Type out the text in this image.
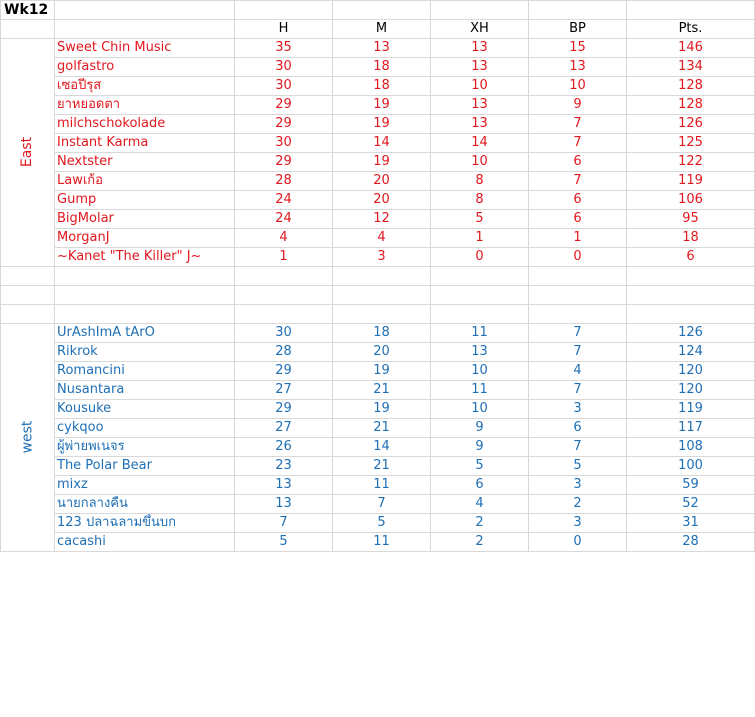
Wk12						
		H	M	XH	BP	Pts.
East	Sweet Chin Music	35	13	13	15	146
	golfastro	30	18	13	13	134
	เซอปีรุส	30	18	10	10	128
	ยาหยอดตา	29	19	13	9	128
	milchschokolade	29	19	13	7	126
	Instant Karma	30	14	14	7	125
	Nextster	29	19	10	6	122
	Lawเก้อ	28	20	8	7	119
	Gump	24	20	8	6	106
	BigMolar	24	12	5	6	95
	MorganJ	4	4	1	1	18
	~Kanet "The Killer" J~	1	3	0	0	6

west	UrAshImA tArO	30	18	11	7	126
	Rikrok	28	20	13	7	124
	Romancini	29	19	10	4	120
	Nusantara	27	21	11	7	120
	Kousuke	29	19	10	3	119
	cykqoo	27	21	9	6	117
	ผู้พ่ายพเนจร	26	14	9	7	108
	The Polar Bear	23	21	5	5	100
	mixz	13	11	6	3	59
	นายกลางคืน	13	7	4	2	52
	123 ปลาฉลามขึ้นบก	7	5	2	3	31
	cacashi	5	11	2	0	28
